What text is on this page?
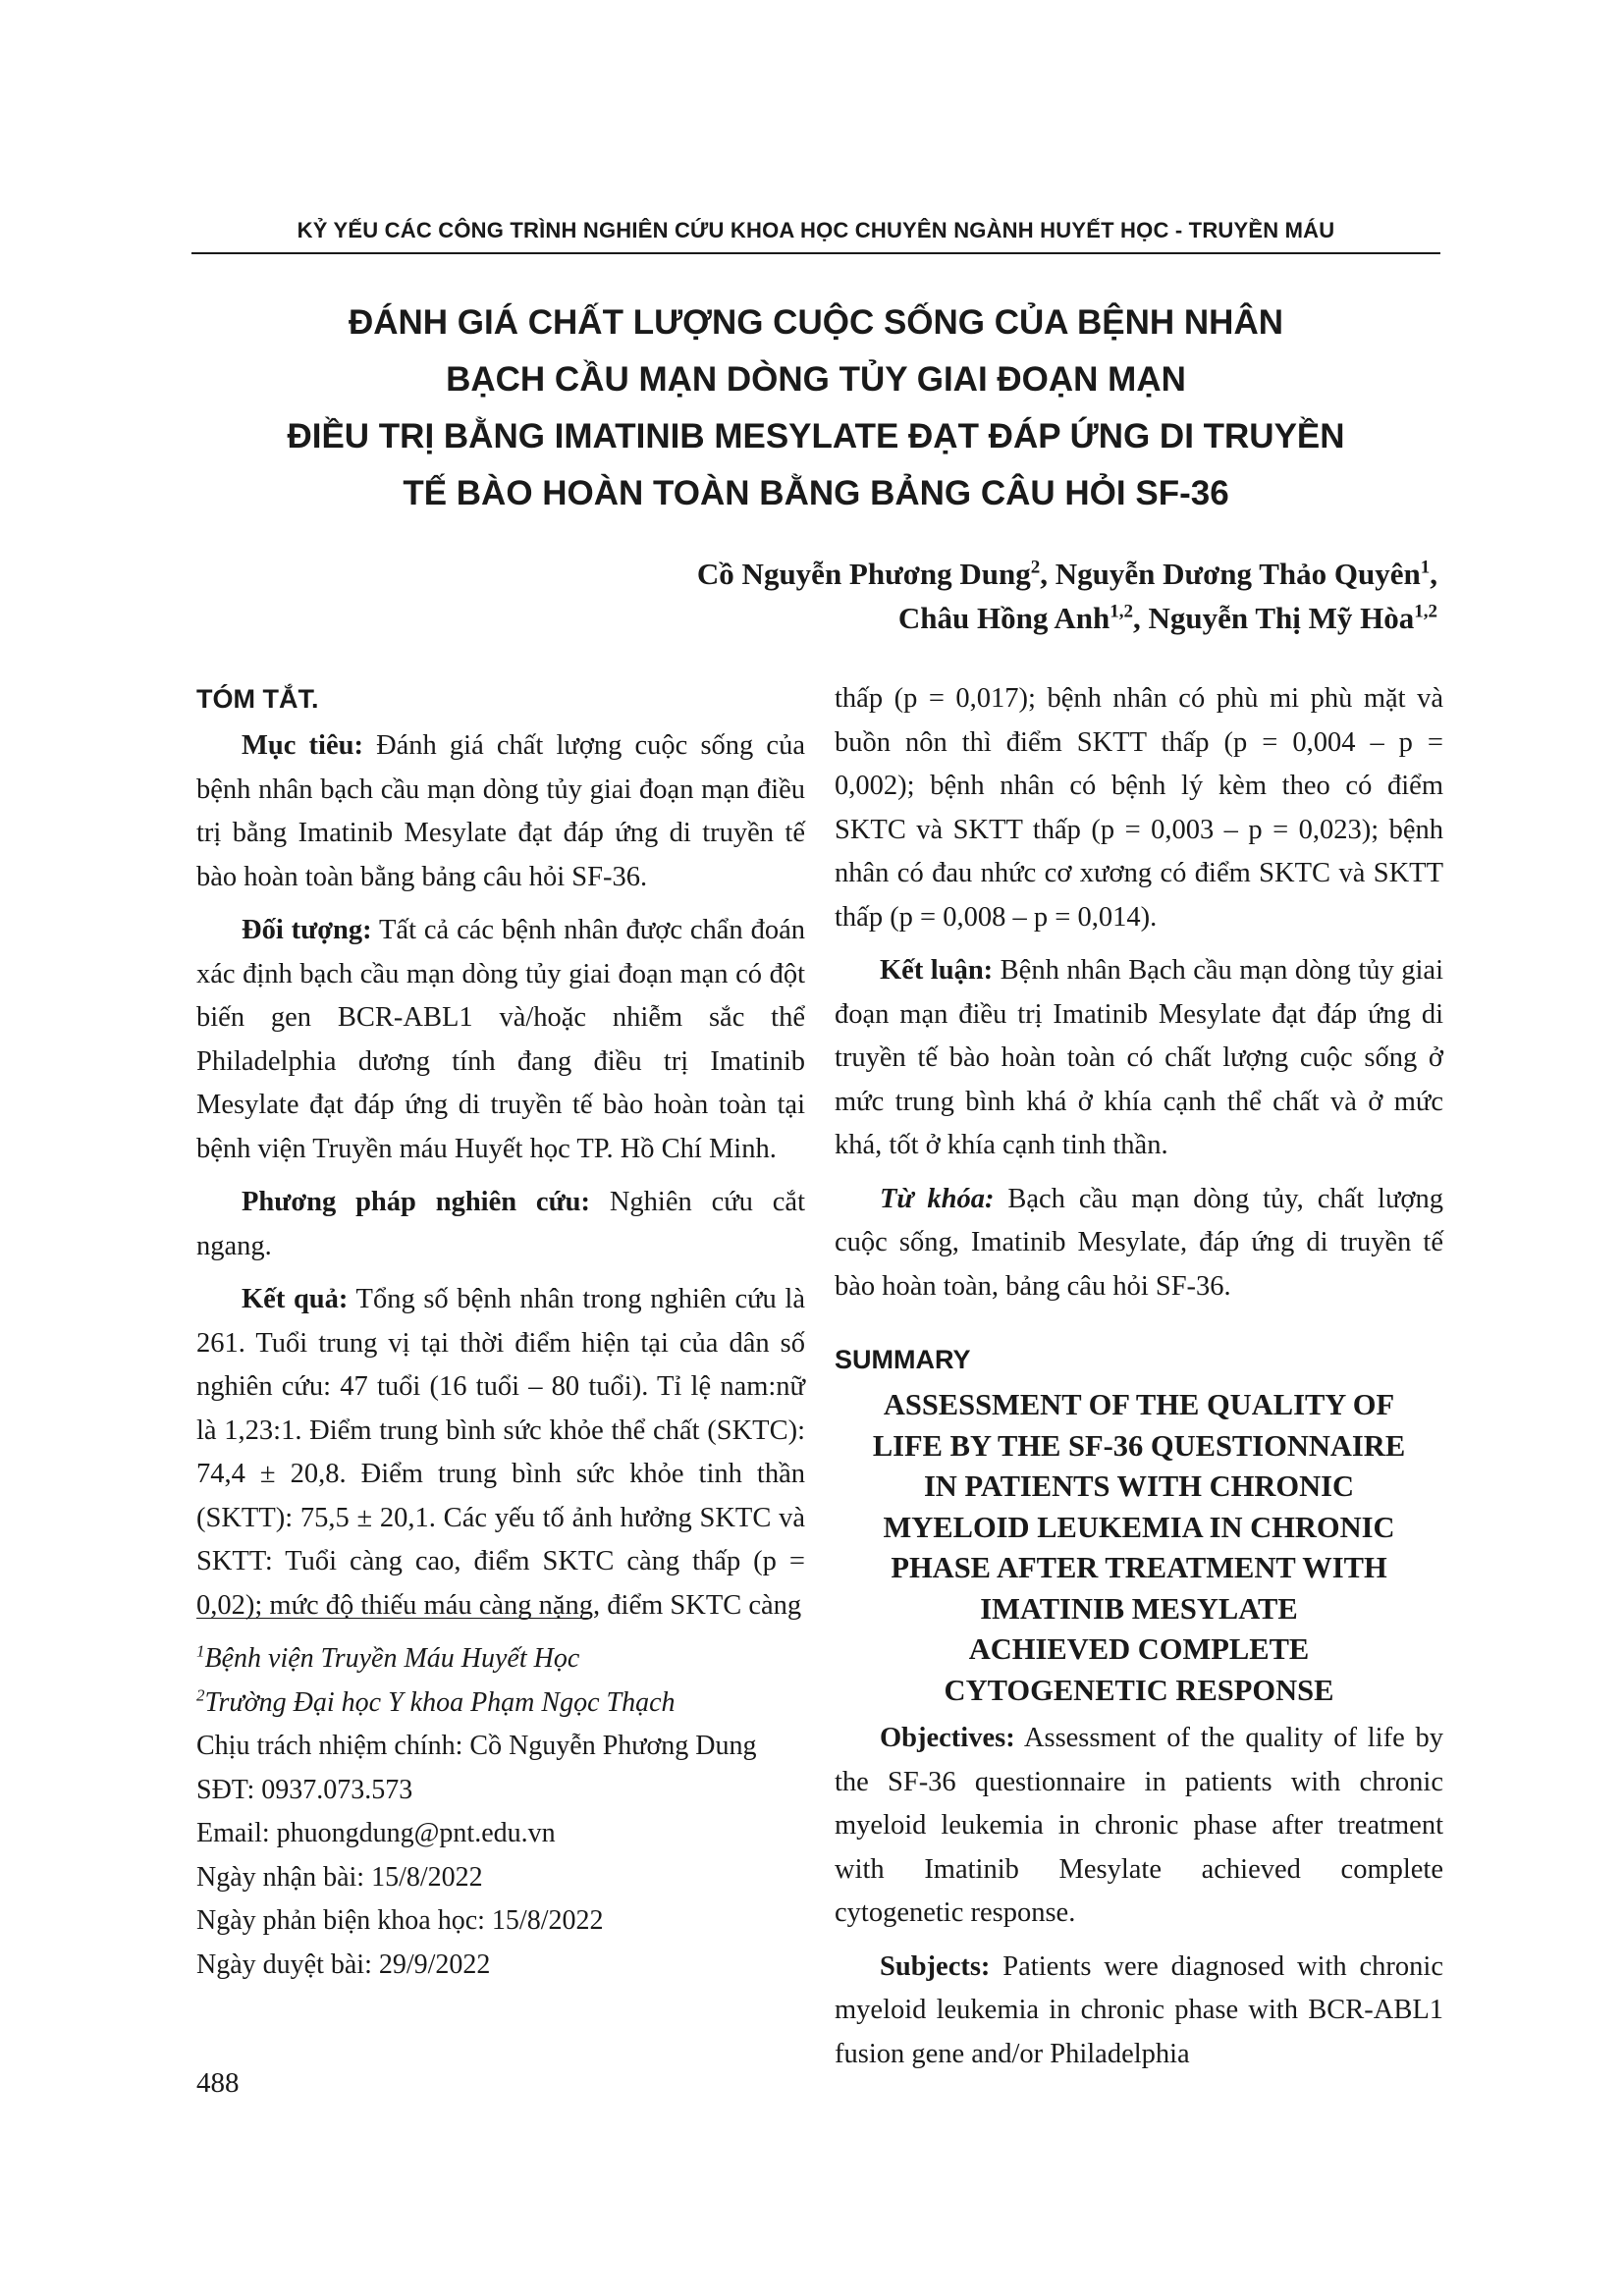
KỶ YẾU CÁC CÔNG TRÌNH NGHIÊN CỨU KHOA HỌC CHUYÊN NGÀNH HUYẾT HỌC - TRUYỀN MÁU
ĐÁNH GIÁ CHẤT LƯỢNG CUỘC SỐNG CỦA BỆNH NHÂN
BẠCH CẦU MẠN DÒNG TỦY GIAI ĐOẠN MẠN
ĐIỀU TRỊ BẰNG IMATINIB MESYLATE ĐẠT ĐÁP ỨNG DI TRUYỀN
TẾ BÀO HOÀN TOÀN BẰNG BẢNG CÂU HỎI SF-36
Cồ Nguyễn Phương Dung$^2$, Nguyễn Dương Thảo Quyên$^1$,
Châu Hồng Anh$^{1,2}$, Nguyễn Thị Mỹ Hòa$^{1,2}$
TÓM TẮT.

Mục tiêu: Đánh giá chất lượng cuộc sống của bệnh nhân bạch cầu mạn dòng tủy giai đoạn mạn điều trị bằng Imatinib Mesylate đạt đáp ứng di truyền tế bào hoàn toàn bằng bảng câu hỏi SF-36.

Đối tượng: Tất cả các bệnh nhân được chẩn đoán xác định bạch cầu mạn dòng tủy giai đoạn mạn có đột biến gen BCR-ABL1 và/hoặc nhiễm sắc thể Philadelphia dương tính đang điều trị Imatinib Mesylate đạt đáp ứng di truyền tế bào hoàn toàn tại bệnh viện Truyền máu Huyết học TP. Hồ Chí Minh.

Phương pháp nghiên cứu: Nghiên cứu cắt ngang.

Kết quả: Tổng số bệnh nhân trong nghiên cứu là 261. Tuổi trung vị tại thời điểm hiện tại của dân số nghiên cứu: 47 tuổi (16 tuổi – 80 tuổi). Tỉ lệ nam:nữ là 1,23:1. Điểm trung bình sức khỏe thể chất (SKTC): 74,4 ± 20,8. Điểm trung bình sức khỏe tinh thần (SKTT): 75,5 ± 20,1. Các yếu tố ảnh hưởng SKTC và SKTT: Tuổi càng cao, điểm SKTC càng thấp (p = 0,02); mức độ thiếu máu càng nặng, điểm SKTC càng

$^1$Bệnh viện Truyền Máu Huyết Học
$^2$Trường Đại học Y khoa Phạm Ngọc Thạch
Chịu trách nhiệm chính: Cồ Nguyễn Phương Dung
SĐT: 0937.073.573
Email: phuongdung@pnt.edu.vn
Ngày nhận bài: 15/8/2022
Ngày phản biện khoa học: 15/8/2022
Ngày duyệt bài: 29/9/2022

thấp (p = 0,017); bệnh nhân có phù mi phù mặt và buồn nôn thì điểm SKTT thấp (p = 0,004 – p = 0,002); bệnh nhân có bệnh lý kèm theo có điểm SKTC và SKTT thấp (p = 0,003 – p = 0,023); bệnh nhân có đau nhức cơ xương có điểm SKTC và SKTT thấp (p = 0,008 – p = 0,014).

Kết luận: Bệnh nhân Bạch cầu mạn dòng tủy giai đoạn mạn điều trị Imatinib Mesylate đạt đáp ứng di truyền tế bào hoàn toàn có chất lượng cuộc sống ở mức trung bình khá ở khía cạnh thể chất và ở mức khá, tốt ở khía cạnh tinh thần.

Từ khóa: Bạch cầu mạn dòng tủy, chất lượng cuộc sống, Imatinib Mesylate, đáp ứng di truyền tế bào hoàn toàn, bảng câu hỏi SF-36.

SUMMARY
ASSESSMENT OF THE QUALITY OF
LIFE BY THE SF-36 QUESTIONNAIRE
IN PATIENTS WITH CHRONIC
MYELOID LEUKEMIA IN CHRONIC
PHASE AFTER TREATMENT WITH
IMATINIB MESYLATE
ACHIEVED COMPLETE
CYTOGENETIC RESPONSE

Objectives: Assessment of the quality of life by the SF-36 questionnaire in patients with chronic myeloid leukemia in chronic phase after treatment with Imatinib Mesylate achieved complete cytogenetic response.

Subjects: Patients were diagnosed with chronic myeloid leukemia in chronic phase with BCR-ABL1 fusion gene and/or Philadelphia

488
